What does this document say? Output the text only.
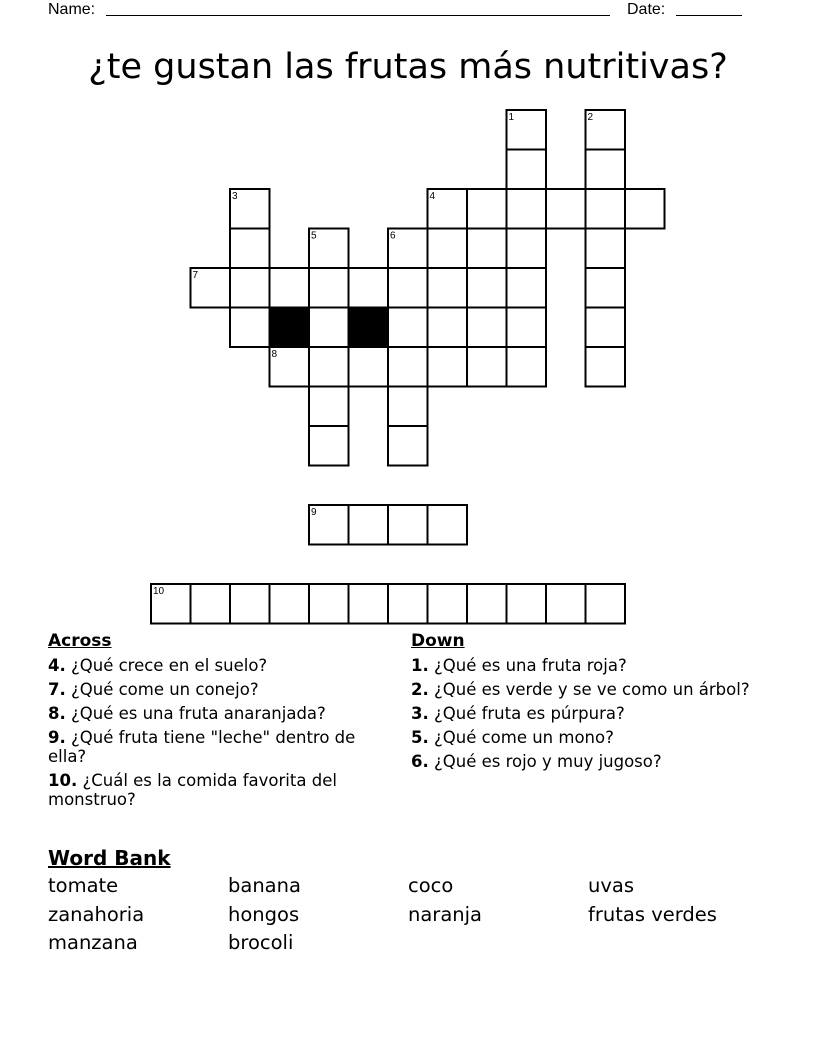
Name:	Date:
¿te gustan las frutas más nutritivas?
1	2
3	4
5	6
7
8
9
10
Across
4. ¿Qué crece en el suelo?
7. ¿Qué come un conejo?
8. ¿Qué es una fruta anaranjada?
9. ¿Qué fruta tiene "leche" dentro de ella?
10. ¿Cuál es la comida favorita del monstruo?
Down
1. ¿Qué es una fruta roja?
2. ¿Qué es verde y se ve como un árbol?
3. ¿Qué fruta es púrpura?
5. ¿Qué come un mono?
6. ¿Qué es rojo y muy jugoso?
Word Bank
tomate	banana	coco	uvas
zanahoria	hongos	naranja	frutas verdes
manzana	brocoli
